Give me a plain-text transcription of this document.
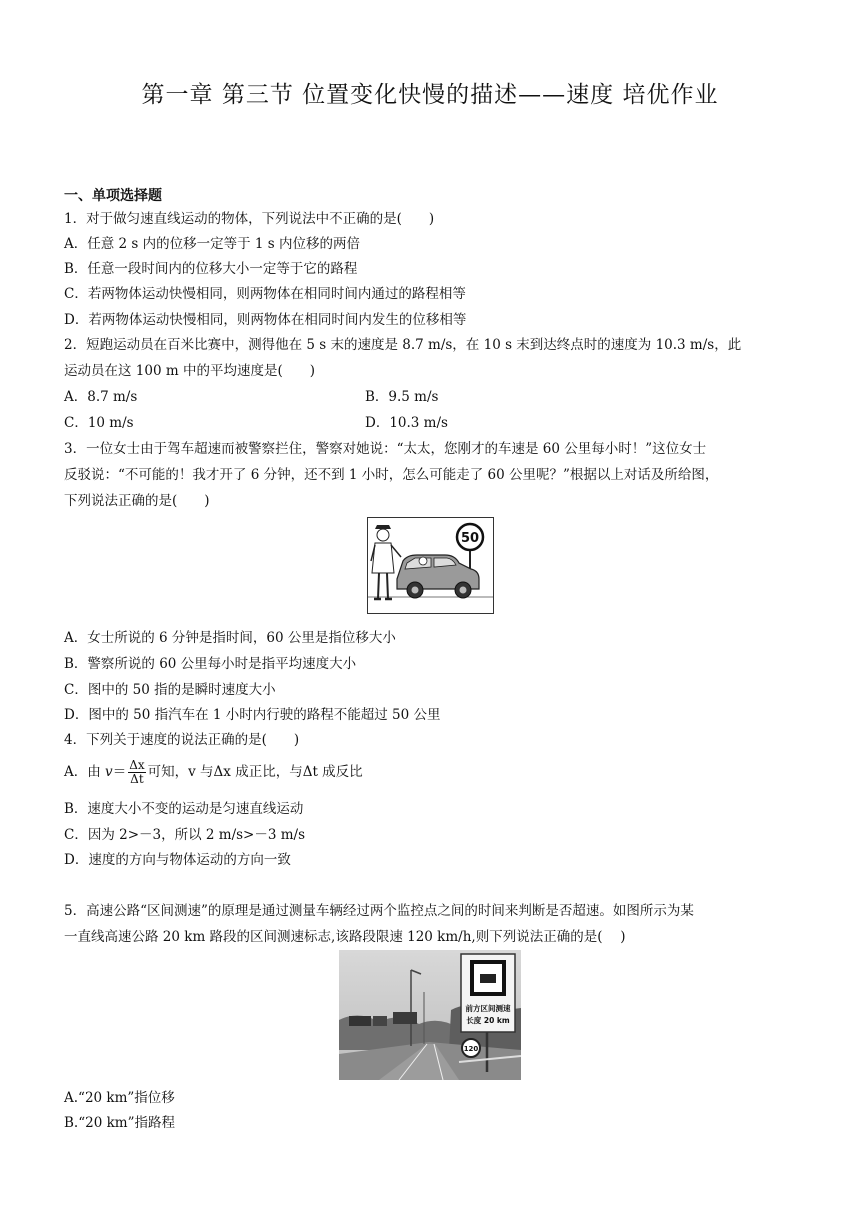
第一章 第三节 位置变化快慢的描述——速度 培优作业
一、单项选择题
1．对于做匀速直线运动的物体，下列说法中不正确的是(　　)
A．任意 2 s 内的位移一定等于 1 s 内位移的两倍
B．任意一段时间内的位移大小一定等于它的路程
C．若两物体运动快慢相同，则两物体在相同时间内通过的路程相等
D．若两物体运动快慢相同，则两物体在相同时间内发生的位移相等
2．短跑运动员在百米比赛中，测得他在 5 s 末的速度是 8.7 m/s，在 10 s 末到达终点时的速度为 10.3 m/s，此
运动员在这 100 m 中的平均速度是(　　)
A．8.7 m/s	B．9.5 m/s
C．10 m/s	D．10.3 m/s
3．一位女士由于驾车超速而被警察拦住，警察对她说：“太太，您刚才的车速是 60 公里每小时！”这位女士
反驳说：“不可能的！我才开了 6 分钟，还不到 1 小时，怎么可能走了 60 公里呢？”根据以上对话及所给图，
下列说法正确的是(　　)
50
A．女士所说的 6 分钟是指时间，60 公里是指位移大小
B．警察所说的 60 公里每小时是指平均速度大小
C．图中的 50 指的是瞬时速度大小
D．图中的 50 指汽车在 1 小时内行驶的路程不能超过 50 公里
4．下列关于速度的说法正确的是(　　)
A．由 $v= \frac{\Delta x}{\Delta t}$ 可知，v 与Δx 成正比，与Δt 成反比
B．速度大小不变的运动是匀速直线运动
C．因为 2>－3，所以 2 m/s>－3 m/s
D．速度的方向与物体运动的方向一致
5．高速公路“区间测速”的原理是通过测量车辆经过两个监控点之间的时间来判断是否超速。如图所示为某
一直线高速公路 20 km 路段的区间测速标志,该路段限速 120 km/h,则下列说法正确的是(　 )
前方区间测速
长度 20 km
120
A.“20 km”指位移
B.“20 km”指路程
